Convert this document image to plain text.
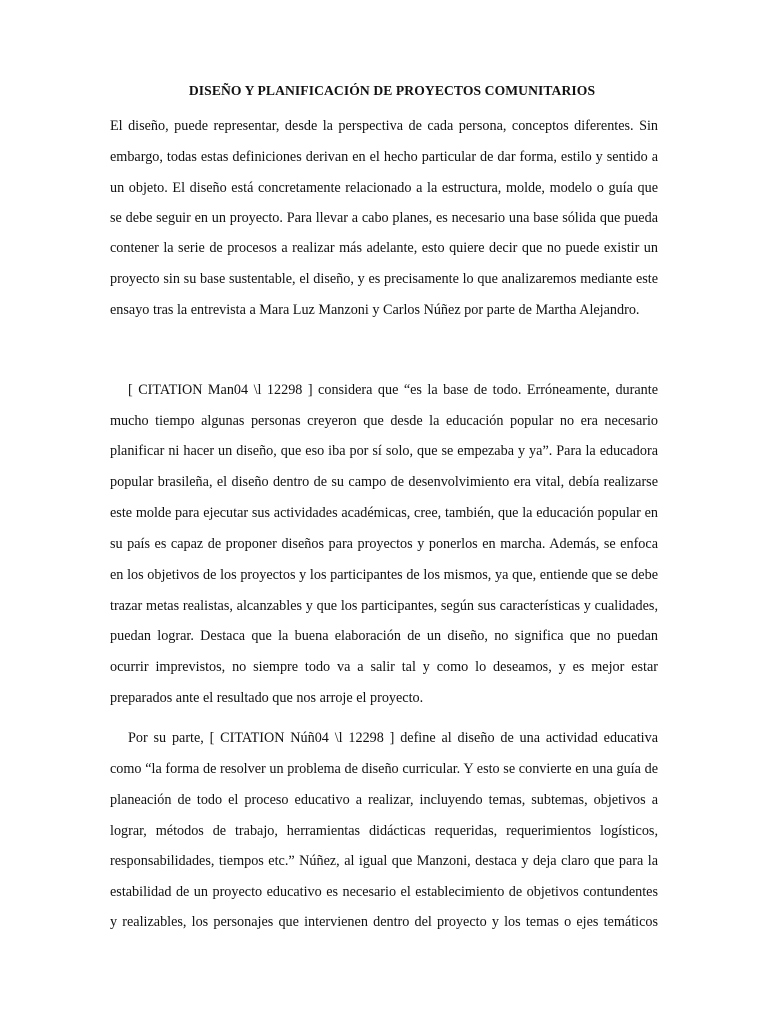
DISEÑO Y PLANIFICACIÓN DE PROYECTOS COMUNITARIOS
El diseño, puede representar, desde la perspectiva de cada persona, conceptos diferentes. Sin
embargo, todas estas definiciones derivan en el hecho particular de dar forma, estilo y sentido a
un objeto. El diseño está concretamente relacionado a la estructura, molde, modelo o guía que
se debe seguir en un proyecto. Para llevar a cabo planes, es necesario una base sólida que pueda
contener la serie de procesos a realizar más adelante, esto quiere decir que no puede existir un
proyecto sin su base sustentable, el diseño, y es precisamente lo que analizaremos mediante este
ensayo tras la entrevista a Mara Luz Manzoni y Carlos Núñez por parte de Martha Alejandro.
[ CITATION Man04 \l 12298 ] considera que “es la base de todo. Erróneamente, durante
mucho tiempo algunas personas creyeron que desde la educación popular no era necesario
planificar ni hacer un diseño, que eso iba por sí solo, que se empezaba y ya”. Para la educadora
popular brasileña, el diseño dentro de su campo de desenvolvimiento era vital, debía realizarse
este molde para ejecutar sus actividades académicas, cree, también, que la educación popular en
su país es capaz de proponer diseños para proyectos y ponerlos en marcha. Además, se enfoca
en los objetivos de los proyectos y los participantes de los mismos, ya que, entiende que se debe
trazar metas realistas, alcanzables y que los participantes, según sus características y cualidades,
puedan lograr. Destaca que la buena elaboración de un diseño, no significa que no puedan
ocurrir imprevistos, no siempre todo va a salir tal y como lo deseamos, y es mejor estar
preparados ante el resultado que nos arroje el proyecto.
Por su parte, [ CITATION Núñ04 \l 12298 ] define al diseño de una actividad educativa
como “la forma de resolver un problema de diseño curricular. Y esto se convierte en una guía de
planeación de todo el proceso educativo a realizar, incluyendo temas, subtemas, objetivos a
lograr, métodos de trabajo, herramientas didácticas requeridas, requerimientos logísticos,
responsabilidades, tiempos etc.” Núñez, al igual que Manzoni, destaca y deja claro que para la
estabilidad de un proyecto educativo es necesario el establecimiento de objetivos contundentes
y realizables, los personajes que intervienen dentro del proyecto y los temas o ejes temáticos
